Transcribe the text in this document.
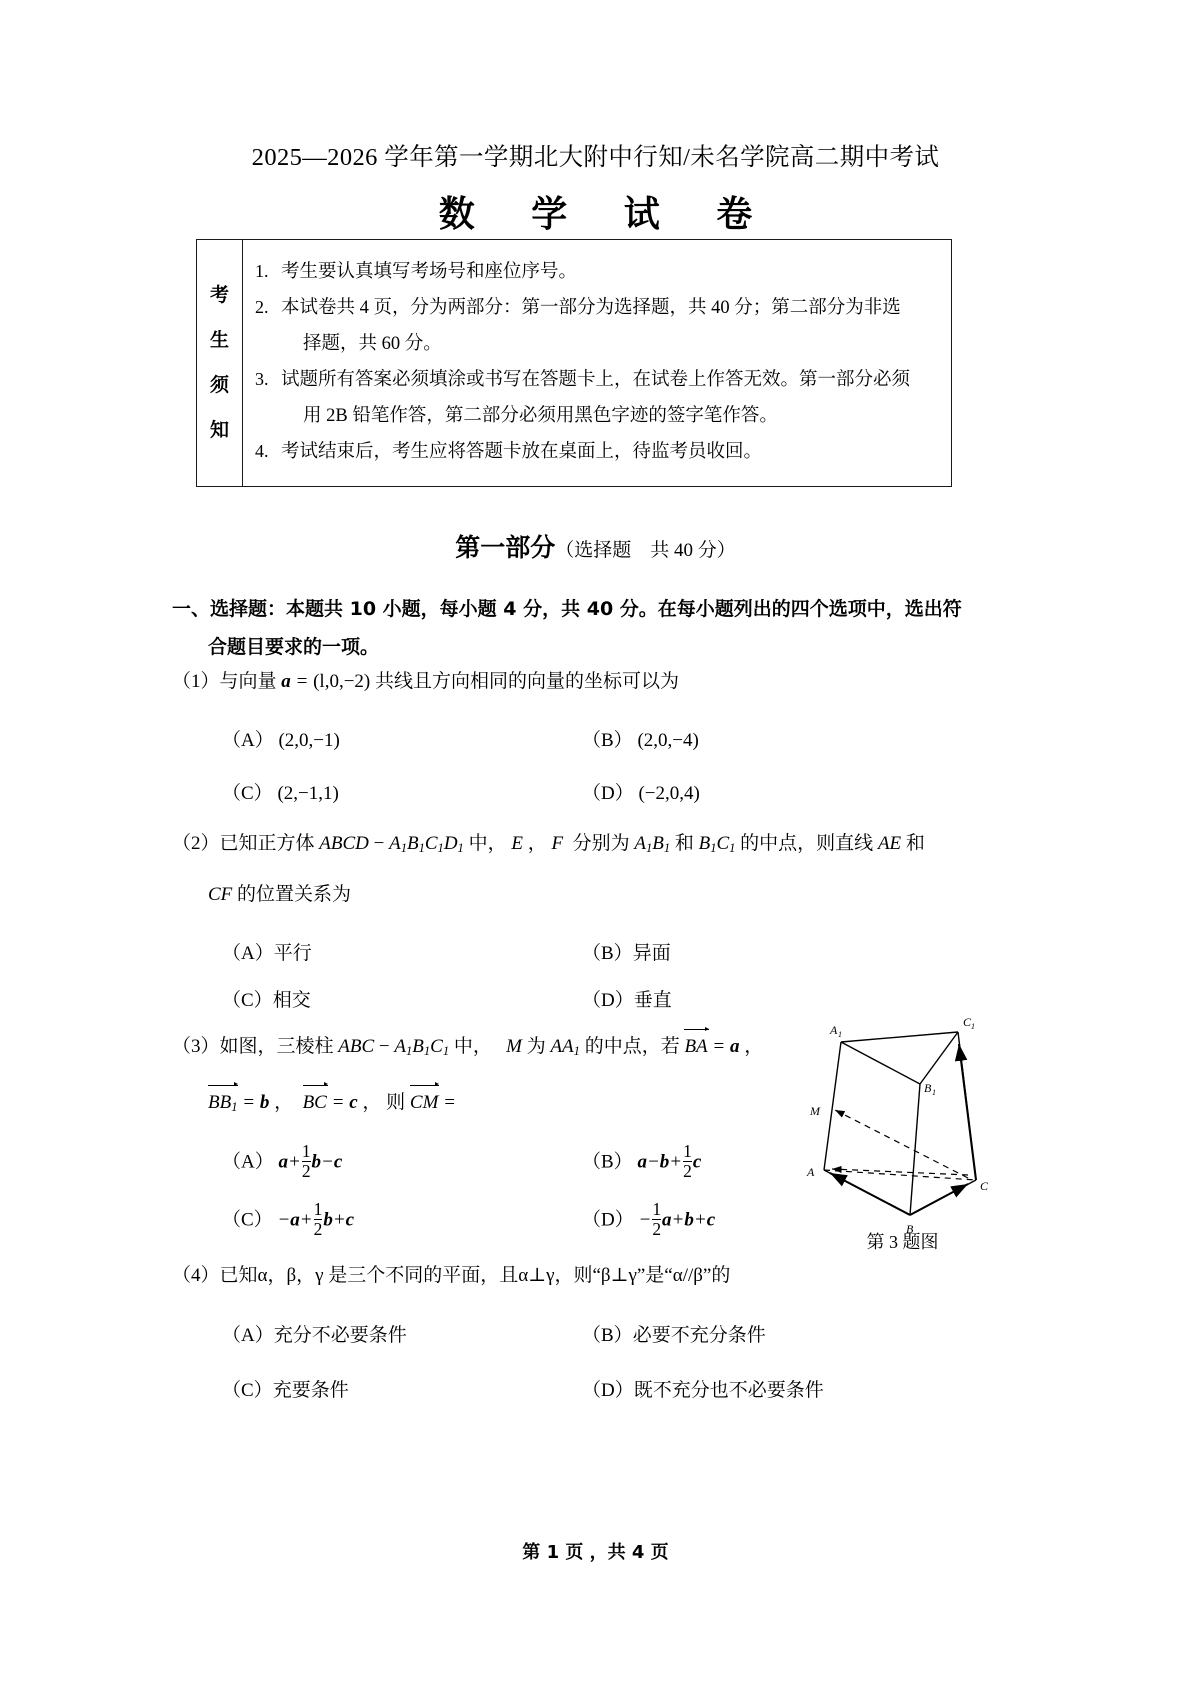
2025—2026 学年第一学期北大附中行知/未名学院高二期中考试
数 学 试 卷
考
生
须
知
1. 考生要认真填写考场号和座位序号。
2. 本试卷共 4 页，分为两部分：第一部分为选择题，共 40 分；第二部分为非选
择题，共 60 分。
3. 试题所有答案必须填涂或书写在答题卡上，在试卷上作答无效。第一部分必须
用 2B 铅笔作答，第二部分必须用黑色字迹的签字笔作答。
4. 考试结束后，考生应将答题卡放在桌面上，待监考员收回。
第一部分（选择题　共 40 分）
一、选择题：本题共 10 小题，每小题 4 分，共 40 分。在每小题列出的四个选项中，选出符
合题目要求的一项。
（1）与向量 a = (l,0,−2) 共线且方向相同的向量的坐标可以为
（A） (2,0,−1)	（B） (2,0,−4)
（C） (2,−1,1)	（D） (−2,0,4)
（2）已知正方体 ABCD − $A_1B_1C_1D_1$ 中， E ， F  分别为 $A_1B_1$ 和 $B_1C_1$ 的中点，则直线 AE 和
CF 的位置关系为
（A）平行	（B）异面
（C）相交	（D）垂直
（3）如图，三棱柱 ABC − $A_1B_1C_1$ 中， M 为 $AA_1$ 的中点，若 BA = a ，
$BB_1 = b$ ，  BC = c ， 则 CM =
（A） $a+ \frac{1}{2} b-c$	（B） $a-b+ \frac{1}{2}$ c
$(C) -a+ \frac{1}{2} b+c$	$(D) - \frac{1}{2} a+b+c$
A 1
C 1
B 1
M
A
C
B
第 3 题图
（4）已知α，β，γ 是三个不同的平面，且α⊥γ，则“β⊥γ”是“α//β”的
（A）充分不必要条件	（B）必要不充分条件
（C）充要条件	（D）既不充分也不必要条件
第 1 页 ，共 4 页
